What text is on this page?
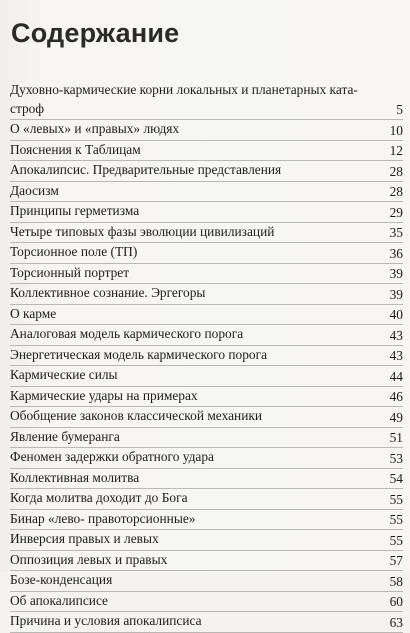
Содержание
Духовно-кармические корни локальных и планетарных ката- строф	5
О «левых» и «правых» людях	10
Пояснения к Таблицам	12
Апокалипсис. Предварительные представления	28
Даосизм	28
Принципы герметизма	29
Четыре типовых фазы эволюции цивилизаций	35
Торсионное поле (ТП)	36
Торсионный портрет	39
Коллективное сознание. Эргегоры	39
О карме	40
Аналоговая модель кармического порога	43
Энергетическая модель кармического порога	43
Кармические силы	44
Кармические удары на примерах	46
Обобщение законов классической механики	49
Явление бумеранга	51
Феномен задержки обратного удара	53
Коллективная молитва	54
Когда молитва доходит до Бога	55
Бинар «лево- правоторсионные»	55
Инверсия правых и левых	55
Оппозиция левых и правых	57
Бозе-конденсация	58
Об апокалипсисе	60
Причина и условия апокалипсиса	63
